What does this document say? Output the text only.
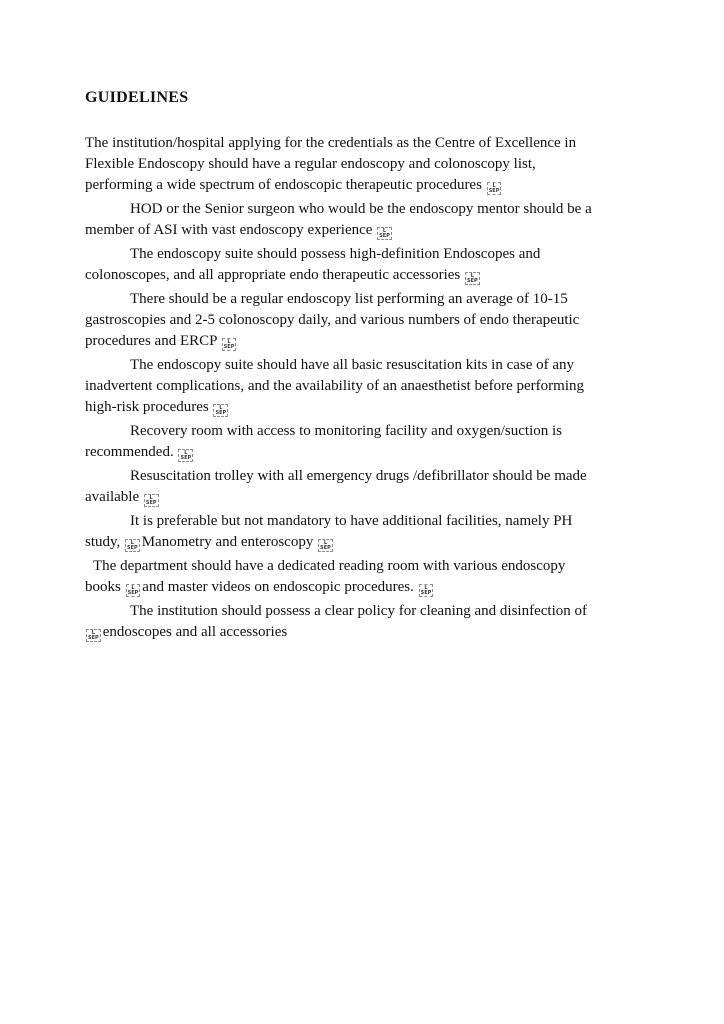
GUIDELINES

The institution/hospital applying for the credentials as the Centre of Excellence in
Flexible Endoscopy should have a regular endoscopy and colonoscopy list,
performing a wide spectrum of endoscopic therapeutic procedures	L
SEP

HOD or the Senior surgeon who would be the endoscopy mentor should be a
member of ASI with vast endoscopy experience	L
SEP

The endoscopy suite should possess high-definition Endoscopes and
colonoscopes, and all appropriate endo therapeutic accessories	L
SEP

There should be a regular endoscopy list performing an average of 10-15
gastroscopies and 2-5 colonoscopy daily, and various numbers of endo therapeutic
procedures and ERCP	L
SEP

The endoscopy suite should have all basic resuscitation kits in case of any
inadvertent complications, and the availability of an anaesthetist before performing
high-risk procedures	L
SEP

Recovery room with access to monitoring facility and oxygen/suction is
recommended.	L
SEP

Resuscitation trolley with all emergency drugs /defibrillator should be made
available	L
SEP

It is preferable but not mandatory to have additional facilities, namely PH
study,	L
SEP Manometry and enteroscopy	L
SEP

The department should have a dedicated reading room with various endoscopy
books	L
SEP and master videos on endoscopic procedures.	L
SEP

The institution should possess a clear policy for cleaning and disinfection of
L
SEP endoscopes and all accessories
